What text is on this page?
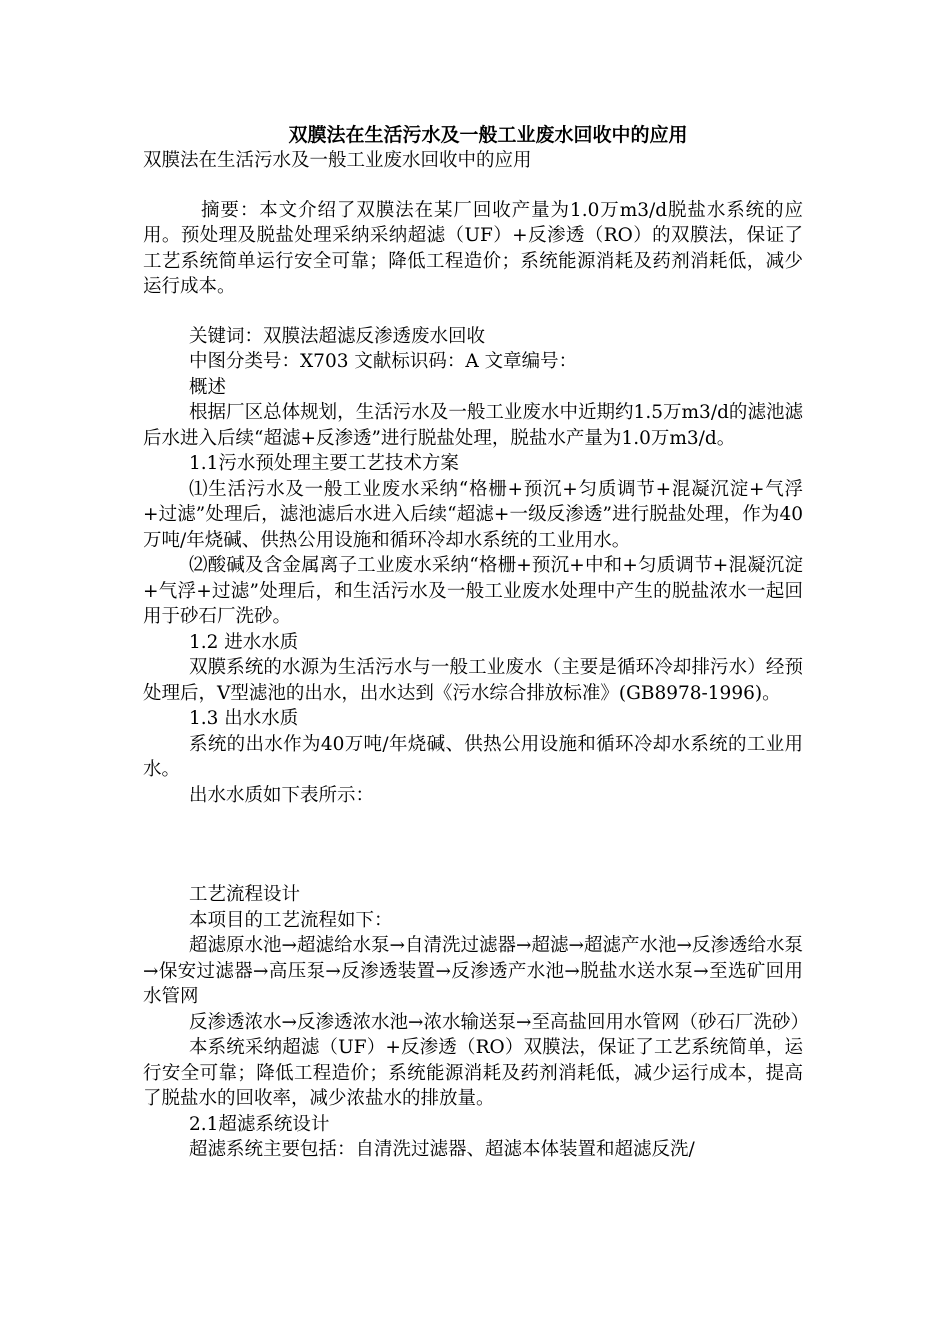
双膜法在生活污水及一般工业废水回收中的应用

双膜法在生活污水及一般工业废水回收中的应用

摘要：本文介绍了双膜法在某厂回收产量为1.0万m3/d脱盐水系统的应用。预处理及脱盐处理采纳采纳超滤（UF）+反渗透（RO）的双膜法，保证了工艺系统简单运行安全可靠；降低工程造价；系统能源消耗及药剂消耗低，减少运行成本。

关键词：双膜法超滤反渗透废水回收

中图分类号：X703 文献标识码：A 文章编号：

概述

根据厂区总体规划，生活污水及一般工业废水中近期约1.5万m3/d的滤池滤后水进入后续“超滤+反渗透”进行脱盐处理，脱盐水产量为1.0万m3/d。

1.1污水预处理主要工艺技术方案

⑴生活污水及一般工业废水采纳“格栅+预沉+匀质调节+混凝沉淀+气浮+过滤”处理后，滤池滤后水进入后续“超滤+一级反渗透”进行脱盐处理，作为40万吨/年烧碱、供热公用设施和循环冷却水系统的工业用水。

⑵酸碱及含金属离子工业废水采纳“格栅+预沉+中和+匀质调节+混凝沉淀+气浮+过滤”处理后，和生活污水及一般工业废水处理中产生的脱盐浓水一起回用于砂石厂洗砂。

1.2 进水水质

双膜系统的水源为生活污水与一般工业废水（主要是循环冷却排污水）经预处理后，V型滤池的出水，出水达到《污水综合排放标准》(GB8978-1996)。

1.3 出水水质

系统的出水作为40万吨/年烧碱、供热公用设施和循环冷却水系统的工业用水。

出水水质如下表所示：

工艺流程设计

本项目的工艺流程如下：

超滤原水池→超滤给水泵→自清洗过滤器→超滤→超滤产水池→反渗透给水泵→保安过滤器→高压泵→反渗透装置→反渗透产水池→脱盐水送水泵→至选矿回用水管网

反渗透浓水→反渗透浓水池→浓水输送泵→至高盐回用水管网（砂石厂洗砂）

本系统采纳超滤（UF）+反渗透（RO）双膜法，保证了工艺系统简单，运行安全可靠；降低工程造价；系统能源消耗及药剂消耗低，减少运行成本，提高了脱盐水的回收率，减少浓盐水的排放量。

2.1超滤系统设计

超滤系统主要包括：自清洗过滤器、超滤本体装置和超滤反洗/
